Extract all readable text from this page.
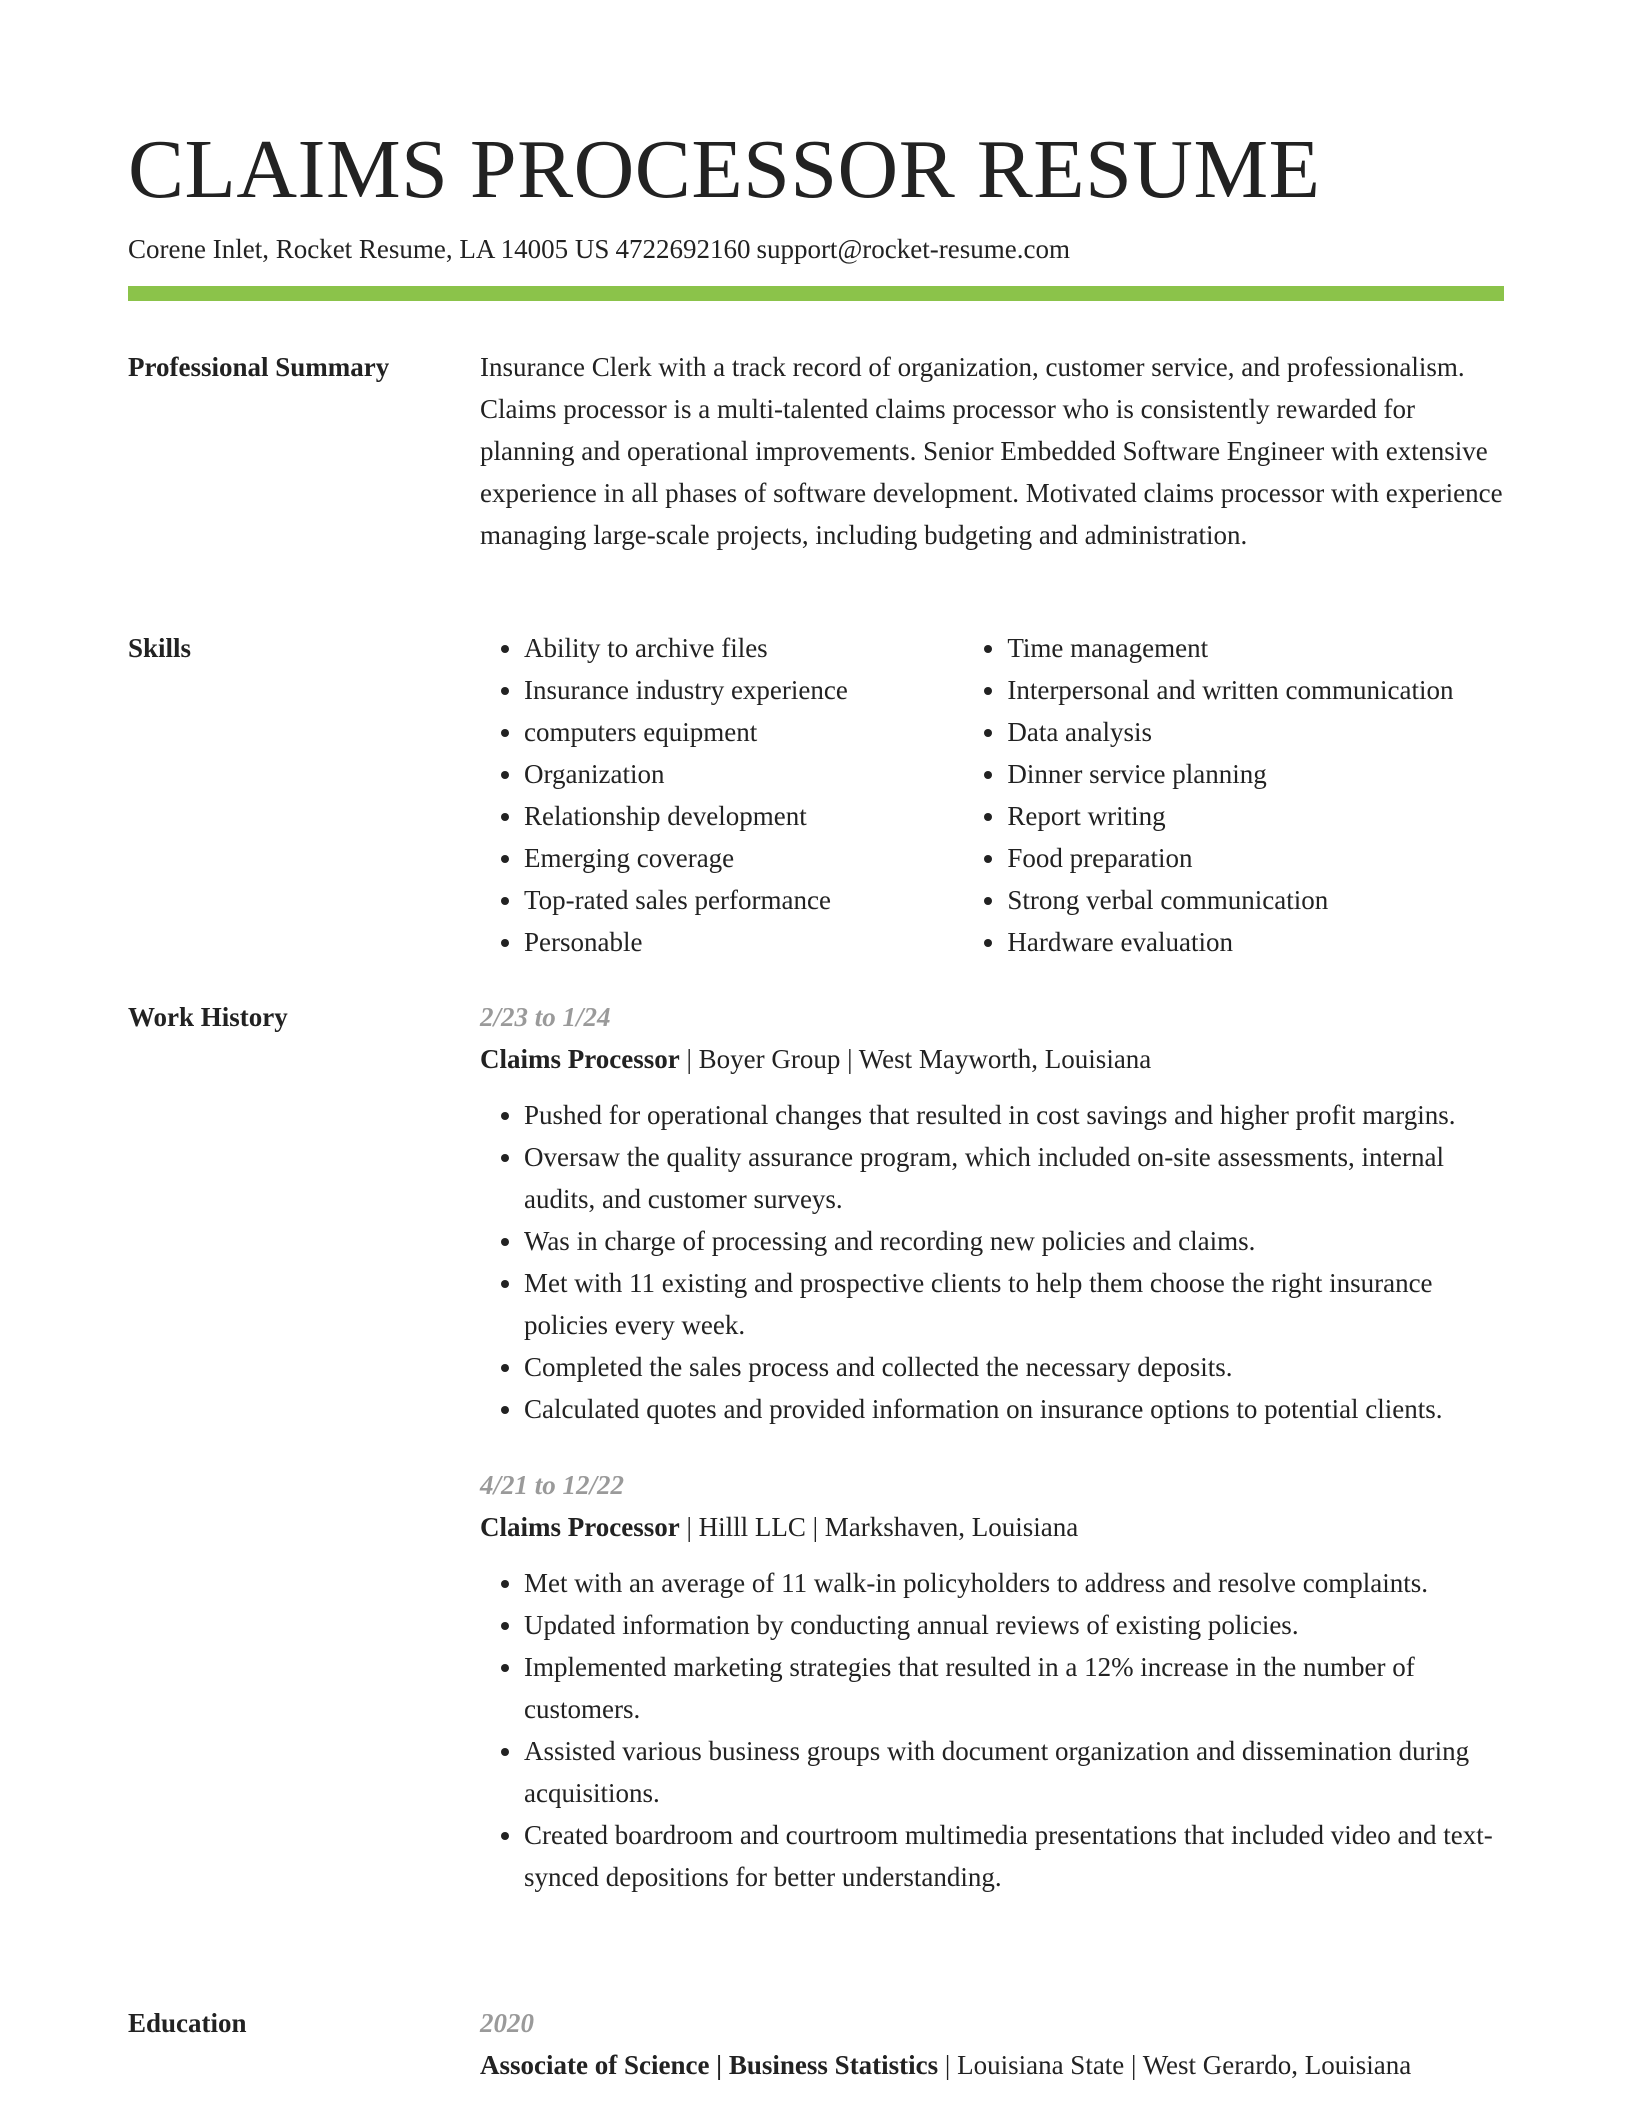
CLAIMS PROCESSOR RESUME
Corene Inlet, Rocket Resume, LA 14005 US 4722692160 support@rocket-resume.com
Professional Summary	Insurance Clerk with a track record of organization, customer service, and professionalism. Claims processor is a multi-talented claims processor who is consistently rewarded for planning and operational improvements. Senior Embedded Software Engineer with extensive experience in all phases of software development. Motivated claims processor with experience managing large-scale projects, including budgeting and administration.

Skills
•	Ability to archive files
• Insurance industry experience
• computers equipment
• Organization
• Relationship development
• Emerging coverage
• Top-rated sales performance
• Personable
• Time management
• Interpersonal and written communication
• Data analysis
• Dinner service planning
• Report writing
• Food preparation
• Strong verbal communication
• Hardware evaluation
Work History	2/23 to 1/24
Claims Processor | Boyer Group | West Mayworth, Louisiana
• Pushed for operational changes that resulted in cost savings and higher profit margins.
• Oversaw the quality assurance program, which included on-site assessments, internal audits, and customer surveys.
• Was in charge of processing and recording new policies and claims.
• Met with 11 existing and prospective clients to help them choose the right insurance policies every week.
• Completed the sales process and collected the necessary deposits.
• Calculated quotes and provided information on insurance options to potential clients.
4/21 to 12/22
Claims Processor | Hilll LLC | Markshaven, Louisiana
• Met with an average of 11 walk-in policyholders to address and resolve complaints.
• Updated information by conducting annual reviews of existing policies.
• Implemented marketing strategies that resulted in a 12% increase in the number of customers.
• Assisted various business groups with document organization and dissemination during acquisitions.
• Created boardroom and courtroom multimedia presentations that included video and text-synced depositions for better understanding.
Education	2020
Associate of Science | Business Statistics | Louisiana State | West Gerardo, Louisiana
